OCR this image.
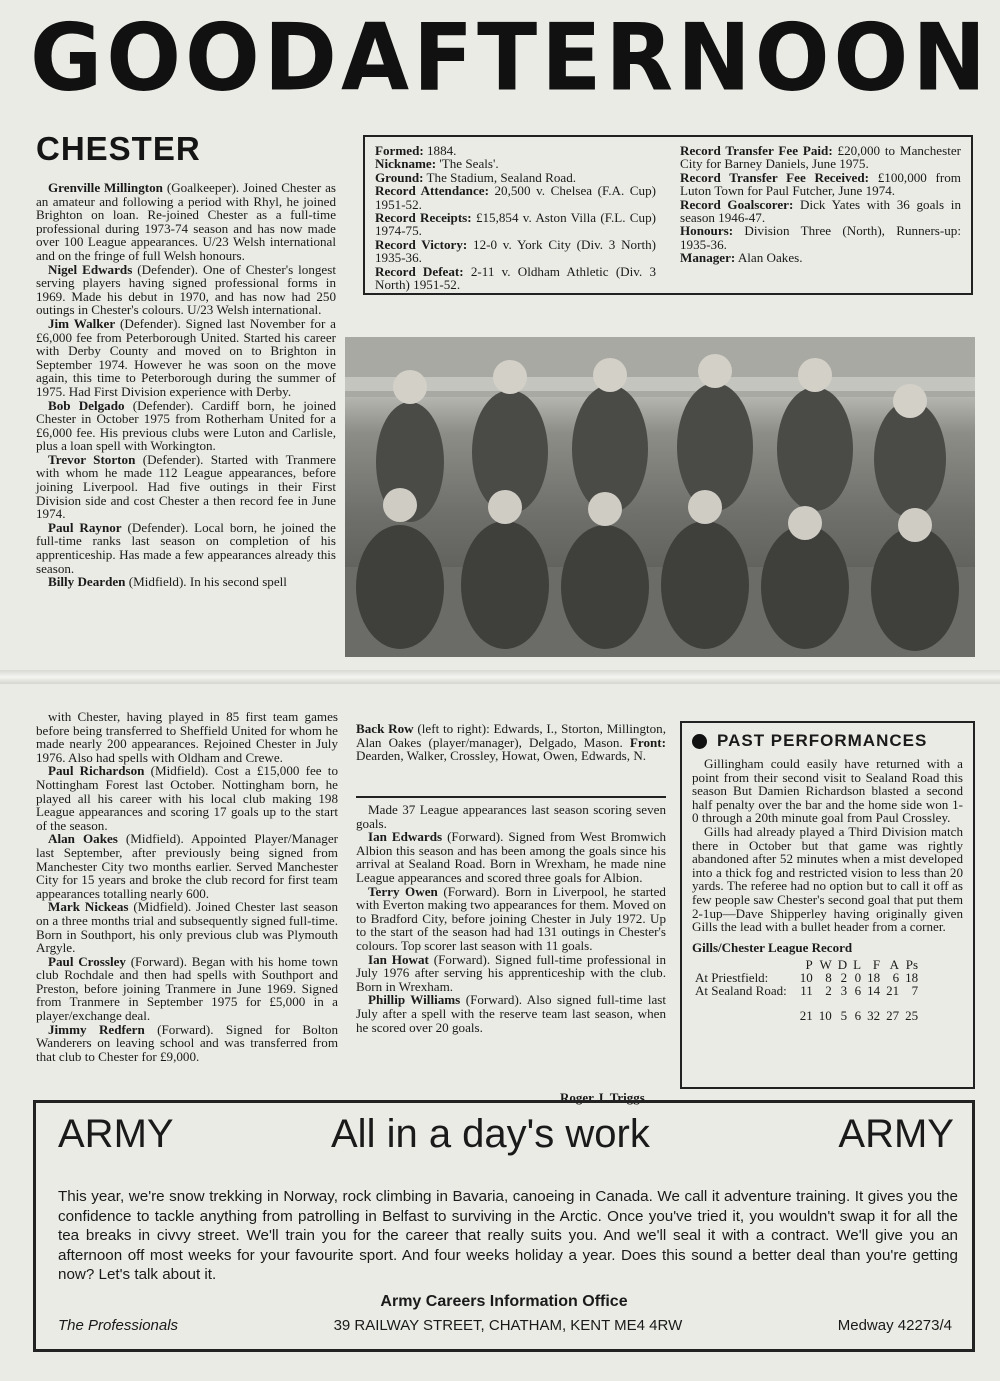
GOOD AFTERNOON
CHESTER

Grenville Millington (Goalkeeper). Joined Chester as an amateur and following a period with Rhyl, he joined Brighton on loan. Re-joined Chester as a full-time professional during 1973-74 season and has now made over 100 League appearances. U/23 Welsh international and on the fringe of full Welsh honours.

Nigel Edwards (Defender). One of Chester's longest serving players having signed professional forms in 1969. Made his debut in 1970, and has now had 250 outings in Chester's colours. U/23 Welsh international.

Jim Walker (Defender). Signed last November for a £6,000 fee from Peterborough United. Started his career with Derby County and moved on to Brighton in September 1974. However he was soon on the move again, this time to Peterborough during the summer of 1975. Had First Division experience with Derby.

Bob Delgado (Defender). Cardiff born, he joined Chester in October 1975 from Rotherham United for a £6,000 fee. His previous clubs were Luton and Carlisle, plus a loan spell with Workington.

Trevor Storton (Defender). Started with Tranmere with whom he made 112 League appearances, before joining Liverpool. Had five outings in their First Division side and cost Chester a then record fee in June 1974.

Paul Raynor (Defender). Local born, he joined the full-time ranks last season on completion of his apprenticeship. Has made a few appearances already this season.

Billy Dearden (Midfield). In his second spell

Formed: 1884.

Nickname: 'The Seals'.

Ground: The Stadium, Sealand Road.

Record Attendance: 20,500 v. Chelsea (F.A. Cup) 1951-52.

Record Receipts: £15,854 v. Aston Villa (F.L. Cup) 1974-75.

Record Victory: 12-0 v. York City (Div. 3 North) 1935-36.

Record Defeat: 2-11 v. Oldham Athletic (Div. 3 North) 1951-52.

Record Transfer Fee Paid: £20,000 to Manchester City for Barney Daniels, June 1975.

Record Transfer Fee Received: £100,000 from Luton Town for Paul Futcher, June 1974.

Record Goalscorer: Dick Yates with 36 goals in season 1946-47.

Honours: Division Three (North), Runners-up: 1935-36.

Manager: Alan Oakes.

with Chester, having played in 85 first team games before being transferred to Sheffield United for whom he made nearly 200 appearances. Rejoined Chester in July 1976. Also had spells with Oldham and Crewe.

Paul Richardson (Midfield). Cost a £15,000 fee to Nottingham Forest last October. Nottingham born, he played all his career with his local club making 198 League appearances and scoring 17 goals up to the start of the season.

Alan Oakes (Midfield). Appointed Player/Manager last September, after previously being signed from Manchester City two months earlier. Served Manchester City for 15 years and broke the club record for first team appearances totalling nearly 600.

Mark Nickeas (Midfield). Joined Chester last season on a three months trial and subsequently signed full-time. Born in Southport, his only previous club was Plymouth Argyle.

Paul Crossley (Forward). Began with his home town club Rochdale and then had spells with Southport and Preston, before joining Tranmere in June 1969. Signed from Tranmere in September 1975 for £5,000 in a player/exchange deal.

Jimmy Redfern (Forward). Signed for Bolton Wanderers on leaving school and was transferred from that club to Chester for £9,000.

Back Row (left to right): Edwards, I., Storton, Millington, Alan Oakes (player/manager), Delgado, Mason. Front: Dearden, Walker, Crossley, Howat, Owen, Edwards, N.

Made 37 League appearances last season scoring seven goals.

Ian Edwards (Forward). Signed from West Bromwich Albion this season and has been among the goals since his arrival at Sealand Road. Born in Wrexham, he made nine League appearances and scored three goals for Albion.

Terry Owen (Forward). Born in Liverpool, he started with Everton making two appearances for them. Moved on to Bradford City, before joining Chester in July 1972. Up to the start of the season had had 131 outings in Chester's colours. Top scorer last season with 11 goals.

Ian Howat (Forward). Signed full-time professional in July 1976 after serving his apprenticeship with the club. Born in Wrexham.

Phillip Williams (Forward). Also signed full-time last July after a spell with the reserve team last season, when he scored over 20 goals.

Roger J. Triggs
PAST PERFORMANCES

Gillingham could easily have returned with a point from their second visit to Sealand Road this season But Damien Richardson blasted a second half penalty over the bar and the home side won 1-0 through a 20th minute goal from Paul Crossley.

Gills had already played a Third Division match there in October but that game was rightly abandoned after 52 minutes when a mist developed into a thick fog and restricted vision to less than 20 yards. The referee had no option but to call it off as few people saw Chester's second goal that put them 2-1up—Dave Shipperley having originally given Gills the lead with a bullet header from a corner.

Gills/Chester League Record
	P	W	D	L	F	A	Ps
At Priestfield:	10	8	2	0	18	6	18
At Sealand Road:	11	2	3	6	14	21	7
	21	10	5	6	32	27	25
ARMY	ARMY
All in a day's work
This year, we're snow trekking in Norway, rock climbing in Bavaria, canoeing in Canada. We call it adventure training. It gives you the confidence to tackle anything from patrolling in Belfast to surviving in the Arctic. Once you've tried it, you wouldn't swap it for all the tea breaks in civvy street. We'll train you for the career that really suits you. And we'll seal it with a contract. We'll give you an afternoon off most weeks for your favourite sport. And four weeks holiday a year. Does this sound a better deal than you're getting now? Let's talk about it.
Army Careers Information Office
The Professionals	39 RAILWAY STREET, CHATHAM, KENT ME4 4RW	Medway 42273/4
